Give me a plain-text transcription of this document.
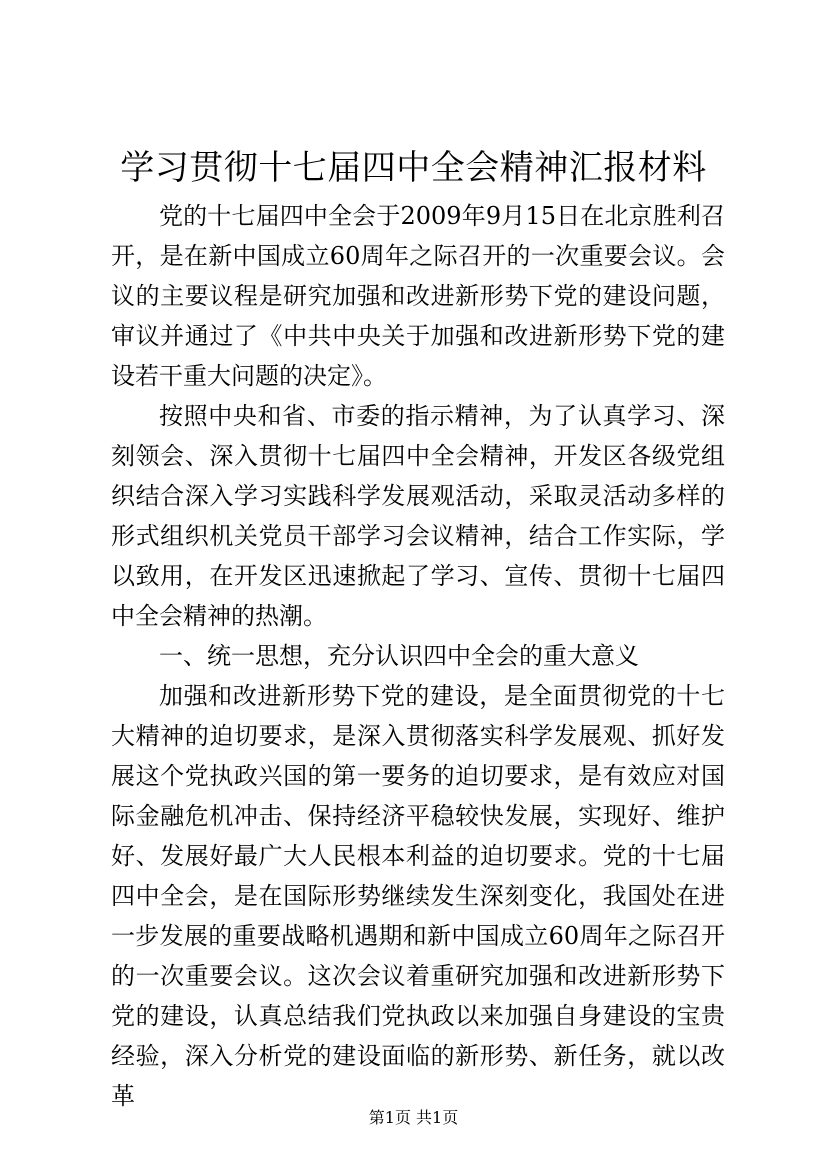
学习贯彻十七届四中全会精神汇报材料

党的十七届四中全会于2009年9月15日在北京胜利召开，是在新中国成立60周年之际召开的一次重要会议。会议的主要议程是研究加强和改进新形势下党的建设问题，审议并通过了《中共中央关于加强和改进新形势下党的建设若干重大问题的决定》。

按照中央和省、市委的指示精神，为了认真学习、深刻领会、深入贯彻十七届四中全会精神，开发区各级党组织结合深入学习实践科学发展观活动，采取灵活动多样的形式组织机关党员干部学习会议精神，结合工作实际，学以致用，在开发区迅速掀起了学习、宣传、贯彻十七届四中全会精神的热潮。

一、统一思想，充分认识四中全会的重大意义

加强和改进新形势下党的建设，是全面贯彻党的十七大精神的迫切要求，是深入贯彻落实科学发展观、抓好发展这个党执政兴国的第一要务的迫切要求，是有效应对国际金融危机冲击、保持经济平稳较快发展，实现好、维护好、发展好最广大人民根本利益的迫切要求。党的十七届四中全会，是在国际形势继续发生深刻变化，我国处在进一步发展的重要战略机遇期和新中国成立60周年之际召开的一次重要会议。这次会议着重研究加强和改进新形势下党的建设，认真总结我们党执政以来加强自身建设的宝贵经验，深入分析党的建设面临的新形势、新任务，就以改革

第1页 共1页
